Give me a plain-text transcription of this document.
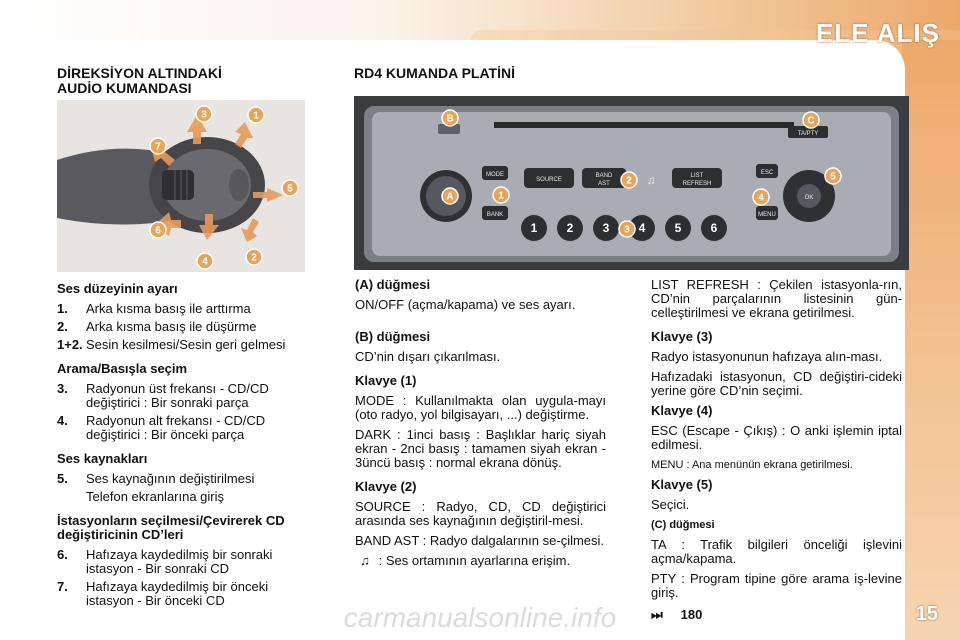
ELE ALIŞ
DİREKSİYON ALTINDAKİ AUDİO KUMANDASI
RD4 KUMANDA PLATİNİ
3	1
7
5
6
4	2
MODE
BANK
SOURCE
BAND
AST
LIST
REFRESH
ESC
MENU
OK
TA/PTY
♫
1 2 3 4 5 6
B	C
A	1
2
3
4
5

Ses düzeyinin ayarı

1.	Arka kısma basış ile arttırma
2.	Arka kısma basış ile düşürme
1+2. Sesin kesilmesi/Sesin geri gelmesi

Arama/Basışla seçim

3.	Radyonun üst frekansı - CD/CD değiştirici : Bir sonraki parça
4.	Radyonun alt frekansı - CD/CD değiştirici : Bir önceki parça

Ses kaynakları

5.	Ses kaynağının değiştirilmesi
Telefon ekranlarına giriş

İstasyonların seçilmesi/Çevirerek CD değiştiricinin CD’leri

6.	Hafızaya kaydedilmiş bir sonraki istasyon - Bir sonraki CD
7.	Hafızaya kaydedilmiş bir önceki istasyon - Bir önceki CD

(A) düğmesi

ON/OFF (açma/kapama) ve ses ayarı.

(B) düğmesi

CD’nin dışarı çıkarılması.

Klavye (1)

MODE : Kullanılmakta olan uygula-mayı (oto radyo, yol bilgisayarı, ...) değiştirme.

DARK : 1inci basış : Başlıklar hariç siyah ekran - 2nci basış : tamamen siyah ekran - 3üncü basış : normal ekrana dönüş.

Klavye (2)

SOURCE : Radyo, CD, CD değiştirici arasında ses kaynağının değiştiril-mesi.

BAND AST : Radyo dalgalarının se-çilmesi.

♫ : Ses ortamının ayarlarına erişim.

LIST REFRESH : Çekilen istasyonla-rın, CD’nin parçalarının listesinin gün-celleştirilmesi ve ekrana getirilmesi.

Klavye (3)

Radyo istasyonunun hafızaya alın-ması.

Hafızadaki istasyonun, CD değiştiri-cideki yerine göre CD’nin seçimi.

Klavye (4)

ESC (Escape - Çıkış) : O anki işlemin iptal edilmesi.

MENU : Ana menünün ekrana getirilmesi.

Klavye (5)

Seçici.

(C) düğmesi

TA : Trafik bilgileri önceliği işlevini açma/kapama.

PTY : Program tipine göre arama iş-levine giriş.

⏭ 180

carmanualsonline.info	15
